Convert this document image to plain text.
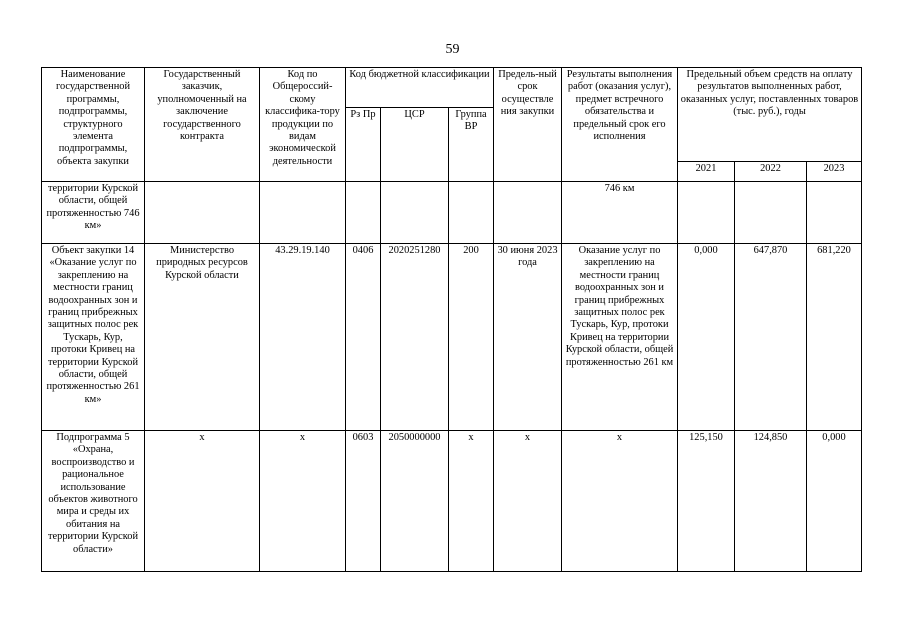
59
Наименование государственной программы, подпрограммы, структурного элемента подпрограммы, объекта закупки	Государственный заказчик, уполномоченный на заключение государственного контракта	Код по Общероссий-скому классифика-тору продукции по видам экономической деятельности	Код бюджетной классификации			Предель-ный срок осуществле ния закупки	Результаты выполнения работ (оказания услуг), предмет встречного обязательства и предельный срок его исполнения	Предельный объем средств на оплату результатов выполненных работ, оказанных услуг, поставленных товаров (тыс. руб.), годы		
			Рз Пр	ЦСР	Группа ВР					
								2021	2022	2023
территории Курской области, общей протяженностью 746 км»							746 км			
Объект закупки 14 «Оказание услуг по закреплению на местности границ водоохранных зон и границ прибрежных защитных полос рек Тускарь, Кур, протоки Кривец на территории Курской области, общей протяженностью 261 км»	Министерство природных ресурсов Курской области	43.29.19.140	0406	2020251280	200	30 июня 2023 года	Оказание услуг по закреплению на местности границ водоохранных зон и границ прибрежных защитных полос рек Тускарь, Кур, протоки Кривец на территории Курской области, общей протяженностью 261 км	0,000	647,870	681,220
Подпрограмма 5 «Охрана, воспроизводство и рациональное использование объектов животного мира и среды их обитания на территории Курской области»	х	х	0603	2050000000	х	х	х	125,150	124,850	0,000
